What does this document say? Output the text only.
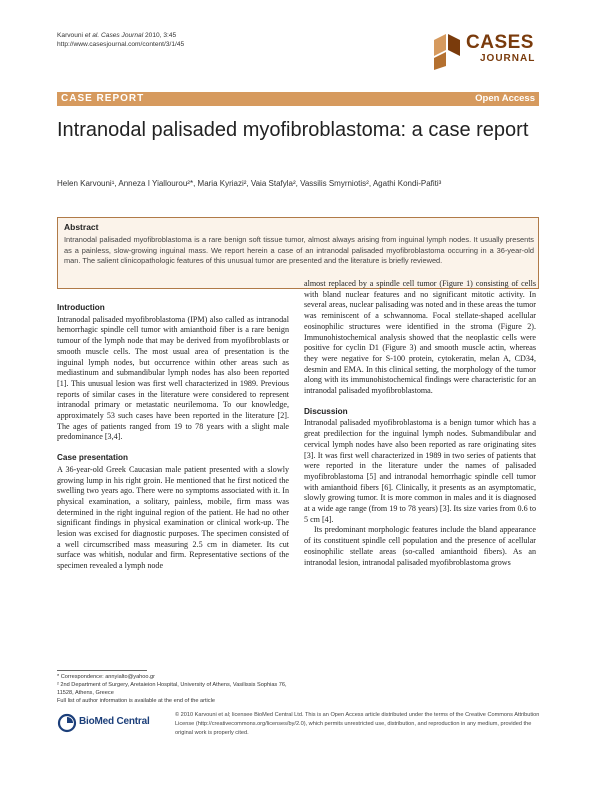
Karvouni et al. Cases Journal 2010, 3:45
http://www.casesjournal.com/content/3/1/45	CASES
JOURNAL
CASE REPORT	Open Access
Intranodal palisaded myofibroblastoma: a case report
Helen Karvouni¹, Anneza I Yiallourou²*, Maria Kyriazi², Vaia Stafyla², Vassilis Smyrniotis², Agathi Kondi-Pafiti³
Abstract
Intranodal palisaded myofibroblastoma is a rare benign soft tissue tumor, almost always arising from inguinal lymph nodes. It usually presents as a painless, slow-growing inguinal mass. We report herein a case of an intranodal palisaded myofibroblastoma occurring in a 36-year-old man. The salient clinicopathologic features of this unusual tumor are presented and the literature is briefly reviewed.
Introduction

Intranodal palisaded myofibroblastoma (IPM) also called as intranodal hemorrhagic spindle cell tumor with amianthoid fiber is a rare benign tumour of the lymph node that may be derived from myofibroblasts or smooth muscle cells. The most usual area of presentation is the inguinal lymph nodes, but occurrence within other areas such as mediastinum and submandibular lymph nodes has also been reported [1]. This unusual lesion was first well characterized in 1989. Previous reports of similar cases in the literature were considered to represent intranodal primary or metastatic neurilemoma. To our knowledge, approximately 53 such cases have been reported in the literature [2]. The ages of patients ranged from 19 to 78 years with a slight male predominance [3,4].

Case presentation

A 36-year-old Greek Caucasian male patient presented with a slowly growing lump in his right groin. He mentioned that he first noticed the swelling two years ago. There were no symptoms associated with it. In physical examination, a solitary, painless, mobile, firm mass was determined in the right inguinal region of the patient. He had no other significant findings in physical examination or clinical work-up. The lesion was excised for diagnostic purposes. The specimen consisted of a well circumscribed mass measuring 2.5 cm in diameter. Its cut surface was whitish, nodular and firm. Representative sections of the specimen revealed a lymph node

almost replaced by a spindle cell tumor (Figure 1) consisting of cells with bland nuclear features and no significant mitotic activity. In several areas, nuclear palisading was noted and in these areas the tumor was reminiscent of a schwannoma. Focal stellate-shaped acellular eosinophilic structures were identified in the stroma (Figure 2). Immunohistochemical analysis showed that the neoplastic cells were positive for cyclin D1 (Figure 3) and smooth muscle actin, whereas they were negative for S-100 protein, cytokeratin, melan A, CD34, desmin and EMA. In this clinical setting, the morphology of the tumor along with its immunohistochemical findings were characteristic for an intranodal palisaded myofibroblastoma.

Discussion

Intranodal palisaded myofibroblastoma is a benign tumor which has a great predilection for the inguinal lymph nodes. Submandibular and cervical lymph nodes have also been reported as rare originating sites [3]. It was first well characterized in 1989 in two series of patients that were reported in the literature under the names of palisaded myofibroblastoma [5] and intranodal hemorrhagic spindle cell tumor with amianthoid fibers [6]. Clinically, it presents as an asymptomatic, slowly growing tumor. It is more common in males and it is diagnosed at a wide age range (from 19 to 78 years) [3]. Its size varies from 0.6 to 5 cm [4].

Its predominant morphologic features include the bland appearance of its constituent spindle cell population and the presence of acellular eosinophilic stellate areas (so-called amianthoid fibers). As an intranodal lesion, intranodal palisaded myofibroblastoma grows

* Correspondence: annyialto@yahoo.gr
² 2nd Department of Surgery, Aretaieion Hospital, University of Athens, Vasilissis Sophias 76, 11528, Athens, Greece
Full list of author information is available at the end of the article
BioMed Central
© 2010 Karvouni et al; licensee BioMed Central Ltd. This is an Open Access article distributed under the terms of the Creative Commons Attribution License (http://creativecommons.org/licenses/by/2.0), which permits unrestricted use, distribution, and reproduction in any medium, provided the original work is properly cited.
